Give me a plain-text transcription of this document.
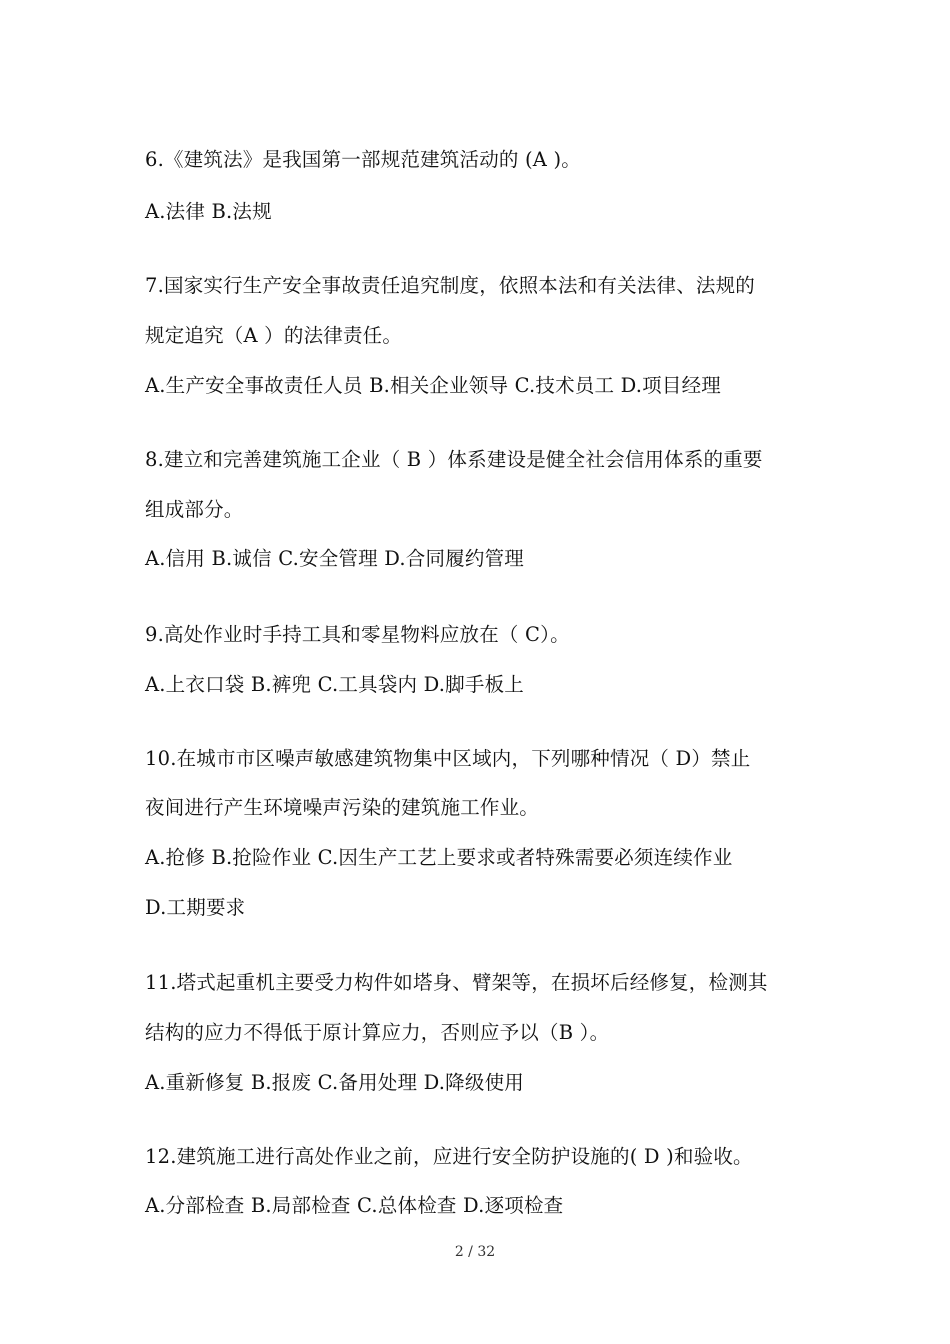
6.《建筑法》是我国第一部规范建筑活动的 (A )。
A.法律 B.法规
7.国家实行生产安全事故责任追究制度，依照本法和有关法律、法规的
规定追究（A ）的法律责任。
A.生产安全事故责任人员 B.相关企业领导 C.技术员工 D.项目经理
8.建立和完善建筑施工企业（ B ）体系建设是健全社会信用体系的重要
组成部分。
A.信用 B.诚信 C.安全管理 D.合同履约管理
9.高处作业时手持工具和零星物料应放在（ C）。
A.上衣口袋 B.裤兜 C.工具袋内 D.脚手板上
10.在城市市区噪声敏感建筑物集中区域内，下列哪种情况（ D）禁止
夜间进行产生环境噪声污染的建筑施工作业。
A.抢修 B.抢险作业 C.因生产工艺上要求或者特殊需要必须连续作业
D.工期要求
11.塔式起重机主要受力构件如塔身、臂架等，在损坏后经修复，检测其
结构的应力不得低于原计算应力，否则应予以（B ）。
A.重新修复 B.报废 C.备用处理 D.降级使用
12.建筑施工进行高处作业之前，应进行安全防护设施的( D )和验收。
A.分部检查 B.局部检查 C.总体检查 D.逐项检查
2 / 32
